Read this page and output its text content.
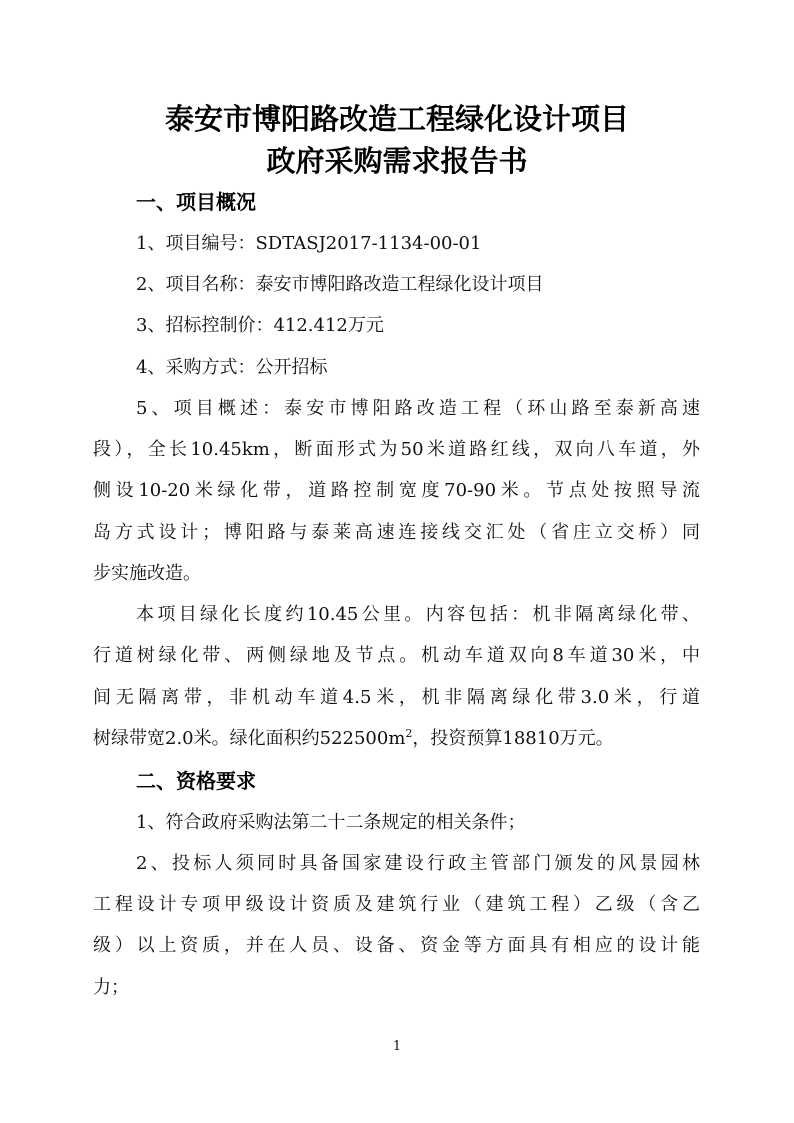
泰安市博阳路改造工程绿化设计项目
政府采购需求报告书
一、项目概况
1、项目编号：SDTASJ2017-1134-00-01
2、项目名称：泰安市博阳路改造工程绿化设计项目
3、招标控制价：412.412万元
4、采购方式：公开招标
5、项目概述：泰安市博阳路改造工程（环山路至泰新高速
段），全长10.45km，断面形式为50米道路红线，双向八车道，外
侧设10-20米绿化带，道路控制宽度70-90米。节点处按照导流
岛方式设计；博阳路与泰莱高速连接线交汇处（省庄立交桥）同
步实施改造。
本项目绿化长度约10.45公里。内容包括：机非隔离绿化带、
行道树绿化带、两侧绿地及节点。机动车道双向8车道30米，中
间无隔离带，非机动车道4.5米，机非隔离绿化带3.0米，行道
树绿带宽2.0米。绿化面积约$522500m^2$，投资预算18810万元。
二、资格要求
1、符合政府采购法第二十二条规定的相关条件；
2、投标人须同时具备国家建设行政主管部门颁发的风景园林
工程设计专项甲级设计资质及建筑行业（建筑工程）乙级（含乙
级）以上资质，并在人员、设备、资金等方面具有相应的设计能
力；
1
